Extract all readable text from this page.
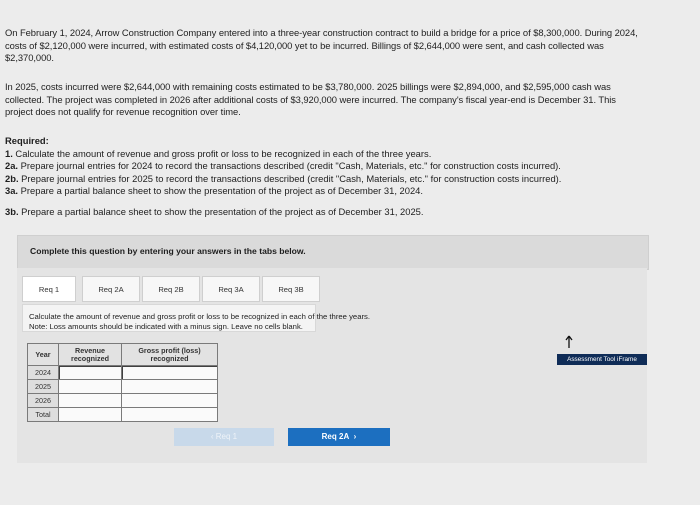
On February 1, 2024, Arrow Construction Company entered into a three-year construction contract to build a bridge for a price of $8,300,000. During 2024, costs of $2,120,000 were incurred, with estimated costs of $4,120,000 yet to be incurred. Billings of $2,644,000 were sent, and cash collected was $2,370,000.
In 2025, costs incurred were $2,644,000 with remaining costs estimated to be $3,780,000. 2025 billings were $2,894,000, and $2,595,000 cash was collected. The project was completed in 2026 after additional costs of $3,920,000 were incurred. The company's fiscal year-end is December 31. This project does not qualify for revenue recognition over time.
Required:
1. Calculate the amount of revenue and gross profit or loss to be recognized in each of the three years.
2a. Prepare journal entries for 2024 to record the transactions described (credit "Cash, Materials, etc." for construction costs incurred).
2b. Prepare journal entries for 2025 to record the transactions described (credit "Cash, Materials, etc." for construction costs incurred).
3a. Prepare a partial balance sheet to show the presentation of the project as of December 31, 2024.
3b. Prepare a partial balance sheet to show the presentation of the project as of December 31, 2025.
Complete this question by entering your answers in the tabs below.
Req 1	Req 2A	Req 2B	Req 3A	Req 3B
Calculate the amount of revenue and gross profit or loss to be recognized in each of the three years.
Note: Loss amounts should be indicated with a minus sign. Leave no cells blank.
Year	Revenue recognized	Gross profit (loss) recognized
2024		
2025		
2026		
Total		
‹ Req 1	Req 2A ›
Assessment Tool iFrame
